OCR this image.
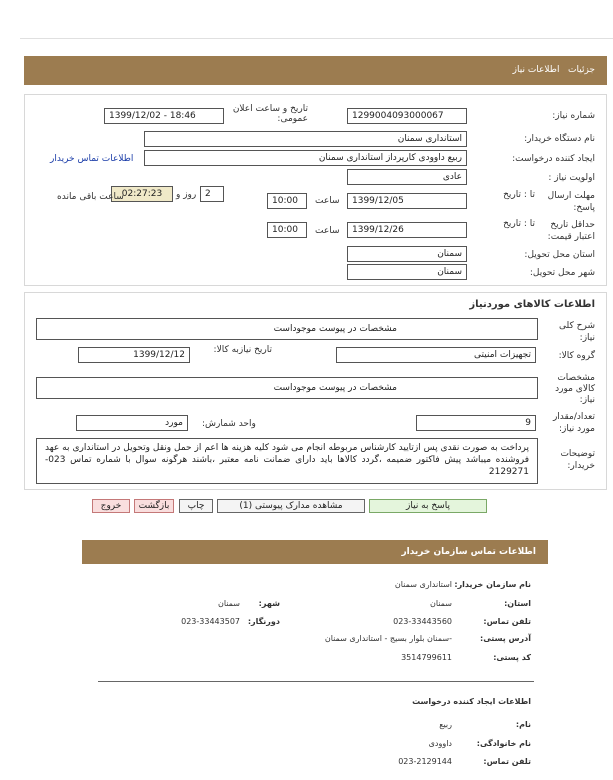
جزئیات   اطلاعات نیاز
شماره نیاز:
1299004093000067
تاریخ و ساعت اعلان عمومی:
1399/12/02 - 18:46
نام دستگاه خریدار:
استانداری سمنان
ایجاد کننده درخواست:
ربیع داوودی کارپرداز استانداری سمنان
اطلاعات تماس خریدار
اولویت نیاز :
عادی
مهلت ارسال پاسخ:
تا : تاریخ
1399/12/05
ساعت
10:00
2
روز و
02:27:23
ساعت باقی مانده
حداقل تاریخ اعتبار قیمت:
تا : تاریخ
1399/12/26
ساعت
10:00
استان محل تحویل:
سمنان
شهر محل تحویل:
سمنان
اطلاعات کالاهای موردنیاز
شرح کلی نیاز:
مشخصات در پیوست موجوداست
گروه کالا:
تجهیزات امنیتی
تاریخ نیازبه کالا:
1399/12/12
مشخصات کالای مورد نیاز:
مشخصات در پیوست موجوداست
تعداد/مقدار مورد نیاز:
9
واحد شمارش:
مورد
توضیحات خریدار:
پرداخت به صورت نقدی پس ازتایید کارشناس مربوطه انجام می شود کلیه هزینه ها اعم از حمل ونقل وتحویل در استانداری به عهد فروشنده میباشد پیش فاکتور ضمیمه ،گردد کالاها باید دارای ضمانت نامه معتبر ،باشند هرگونه سوال با شماره تماس 023-2129271
پاسخ به نیاز
مشاهده مدارک پیوستی (1)
چاپ
بازگشت
خروج
اطلاعات تماس سازمان خریدار
نام سازمان خریدار:
استانداری سمنان
استان:
سمنان
شهر:
سمنان
تلفن تماس:
023-33443560
دورنگار:
023-33443507
آدرس پستی:
-سمنان بلوار بسیج - استانداری سمنان
کد پستی:
3514799611
اطلاعات ایجاد کننده درخواست
نام:
ربیع
نام خانوادگی:
داوودی
تلفن تماس:
023-2129144
